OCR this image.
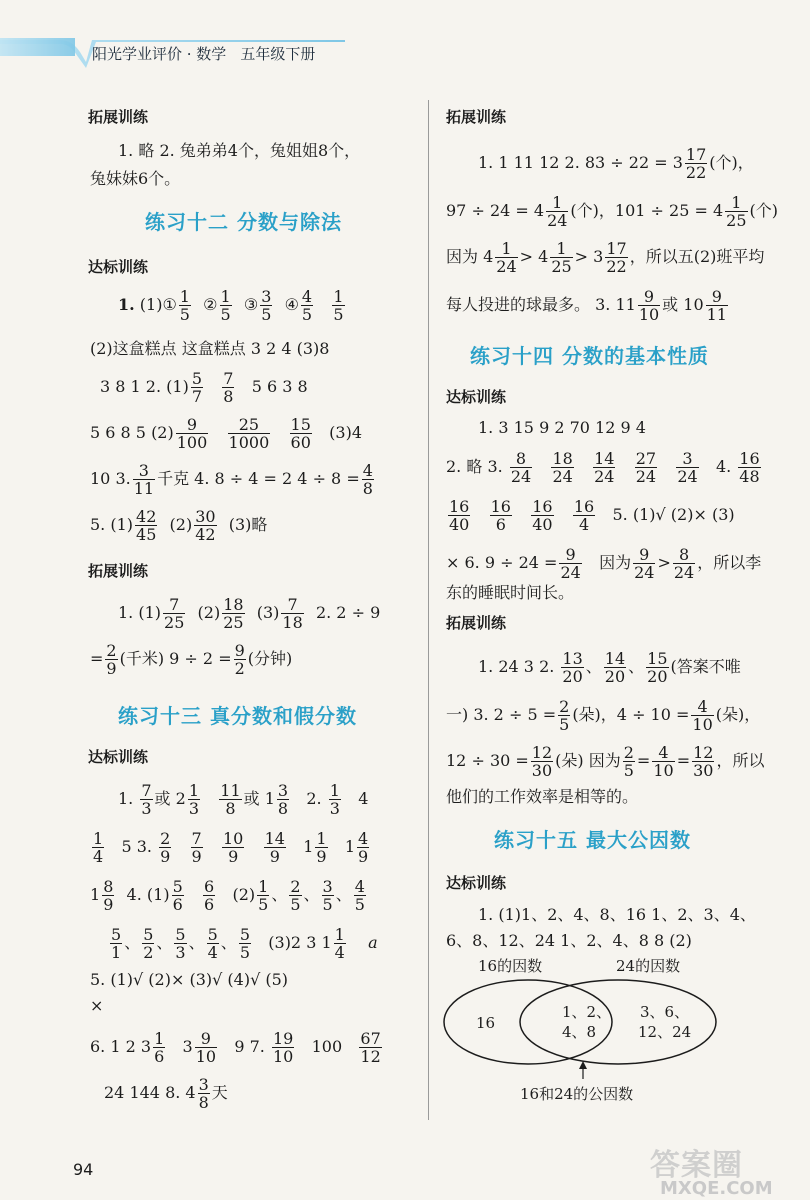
阳光学业评价 · 数学 五年级下册
拓展训练
1. 略 2. 兔弟弟4个，兔姐姐8个，
兔妹妹6个。
练习十二 分数与除法
达标训练
1. (1)① $\frac{1}{5}$ ② $\frac{1}{5}$ ③ $\frac{3}{5}$ ④ $\frac{4}{5}$
$\frac{1}{5}$
(2)这盒糕点 这盒糕点 3 2 4 (3)8
3 8 1 2. $(1) \frac{5}{7}$
$\frac{7}{8} 5$ 6 3 8
5 6 8 5 $(2) \frac{9}{100}$
$\frac{25}{1000}$
$\frac{15}{60} (3)4$
10 3. $\frac{3}{11}$ 千克 4. 8 ÷ 4 = 2 $4 \div 8 = \frac{4}{8}$
5. $(1) \frac{42}{45} (2) \frac{30}{42} (3)$略
拓展训练
1. $(1) \frac{7}{25} (2) \frac{18}{25} (3) \frac{7}{18} 2$. 2 ÷ 9
= $\frac{2}{9}$ (千米) $9 \div 2 = \frac{9}{2}$ (分钟)
练习十三 真分数和假分数
达标训练
1. $\frac{7}{3}$ 或 $2 \frac{1}{3}$
$\frac{11}{8}$ 或 $1 \frac{3}{8} 2$. $\frac{1}{3} 4$
$\frac{1}{4} 5$ 3. $\frac{2}{9}$
$\frac{7}{9}$
$\frac{10}{9}$
$\frac{14}{9} 1 \frac{1}{9} 1 \frac{4}{9}$
$1 \frac{8}{9} 4$. $(1) \frac{5}{6}$
$\frac{6}{6} (2) \frac{1}{5}$ 、 $\frac{2}{5}$ 、 $\frac{3}{5}$ 、 $\frac{4}{5}$
$\frac{5}{1}$ 、 $\frac{5}{2}$ 、 $\frac{5}{3}$ 、 $\frac{5}{4}$ 、 $\frac{5}{5} (3)2$ 3 $1 \frac{1}{4}$ a
5. (1)√ (2)× (3)√ (4)√ (5)
×
6. 1 2 $3 \frac{1}{6} 3 \frac{9}{10} 9$ 7. $\frac{19}{10} 100 \frac{67}{12}$
24 144 8. $4 \frac{3}{8}$ 天
拓展训练
1. 1 11 12 2. $83 \div 22 = 3 \frac{17}{22}$ (个)，
$97 \div 24 = 4 \frac{1}{24}$ (个)，$101 \div 25 = 4 \frac{1}{25}$ (个)
因为 $4 \frac{1}{24} > 4 \frac{1}{25} > 3 \frac{17}{22}$ ，所以五(2)班平均
每人投进的球最多。 3. $11 \frac{9}{10}$ 或 $10 \frac{9}{11}$
练习十四 分数的基本性质
达标训练
1. 3 15 9 2 70 12 9 4
2. 略 3. $\frac{8}{24}$
$\frac{18}{24}$
$\frac{14}{24}$
$\frac{27}{24}$
$\frac{3}{24} 4$. $\frac{16}{48}$
$\frac{16}{40}$
$\frac{16}{6}$
$\frac{16}{40}$
$\frac{16}{4} 5$. (1)√ (2)× (3)
× 6. $9 \div 24 = \frac{9}{24}$ 因为 $\frac{9}{24} > \frac{8}{24}$ ，所以李
东的睡眠时间长。
拓展训练
1. 24 3 2. $\frac{13}{20}$ 、 $\frac{14}{20}$ 、 $\frac{15}{20}$ (答案不唯
一) 3. $2 \div 5 = \frac{2}{5}$ (朵)，$4 \div 10 = \frac{4}{10}$ (朵)，
$12 \div 30 = \frac{12}{30}$ (朵) 因为 $\frac{2}{5} = \frac{4}{10} = \frac{12}{30}$ ，所以
他们的工作效率是相等的。
练习十五 最大公因数
达标训练
1. (1)1、2、4、8、16 1、2、3、4、
6、8、12、24 1、2、4、8 8 (2)
16的因数	24的因数
16
1、2、
4、8
3、6、
12、24
16和24的公因数
94	答案圈
MXQE.COM
